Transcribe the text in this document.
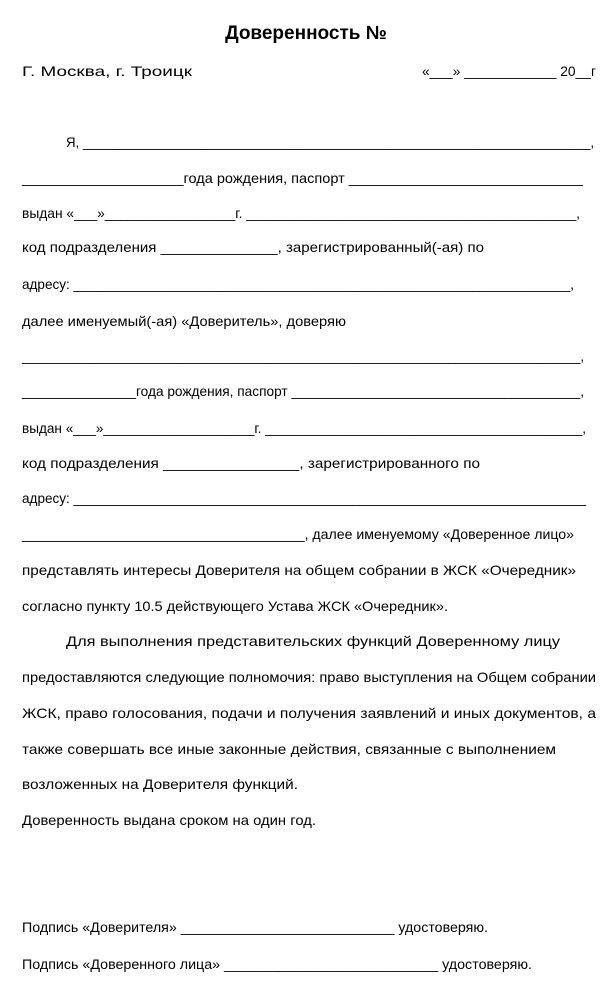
Доверенность №
Г. Москва, г. Троицк	«___» ____________ 20__г
Я, _____________________________________________________________________,
____________________года рождения, паспорт _____________________________
выдан «___»_________________г. ___________________________________________,
код подразделения ______________, зарегистрированный(-ая) по
адресу: __________________________________________________________________,
далее именуемый(-ая) «Доверитель», доверяю
____________________________________________________________________________,
_______________года рождения, паспорт ______________________________________,
выдан «___»____________________г. __________________________________________,
код подразделения ________________, зарегистрированного по
адресу: ____________________________________________________________________
____________________________________, далее именуемому «Доверенное лицо»
представлять интересы Доверителя на общем собрании в ЖСК «Очередник»
согласно пункту 10.5 действующего Устава ЖСК «Очередник».
Для выполнения представительских функций Доверенному лицу
предоставляются следующие полномочия: право выступления на Общем собрании
ЖСК, право голосования, подачи и получения заявлений и иных документов, а
также совершать все иные законные действия, связанные с выполнением
возложенных на Доверителя функций.
Доверенность выдана сроком на один год.
Подпись «Доверителя» ___________________________ удостоверяю.
Подпись «Доверенного лица» ___________________________ удостоверяю.
